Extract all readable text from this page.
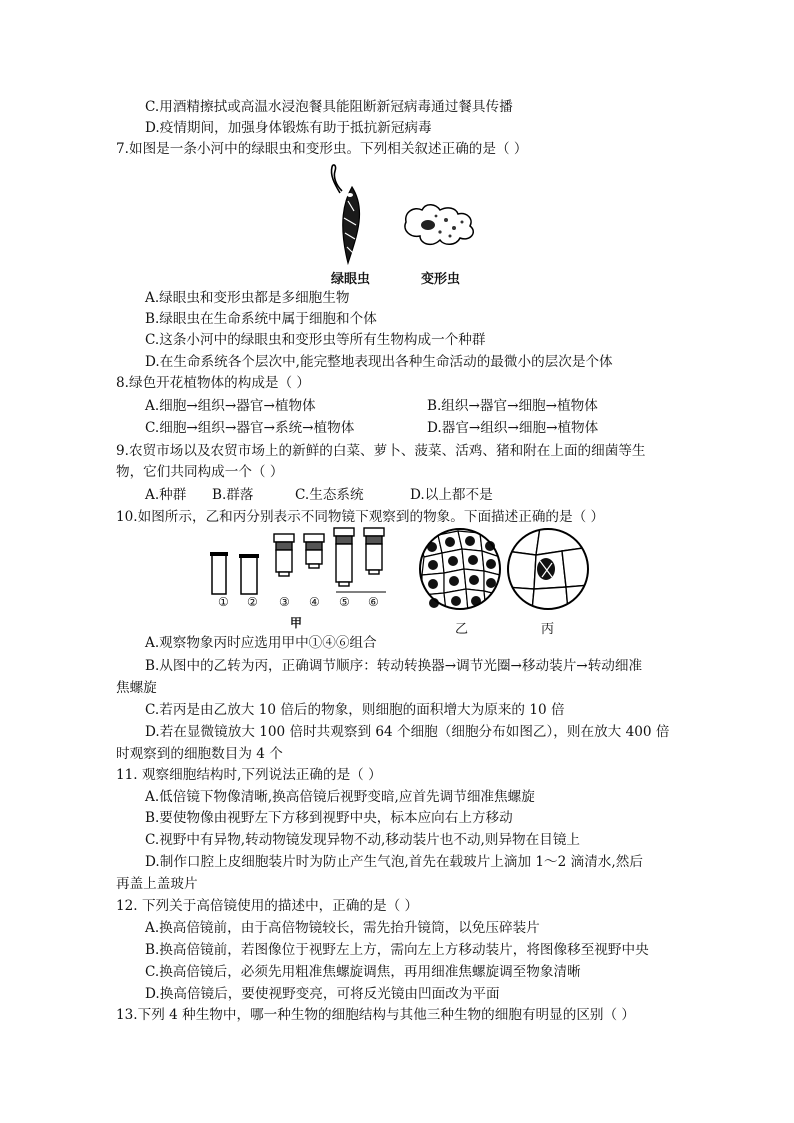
C.用酒精擦拭或高温水浸泡餐具能阻断新冠病毒通过餐具传播
D.疫情期间，加强身体锻炼有助于抵抗新冠病毒
7.如图是一条小河中的绿眼虫和变形虫。下列相关叙述正确的是（ ）
绿眼虫	变形虫
A.绿眼虫和变形虫都是多细胞生物
B.绿眼虫在生命系统中属于细胞和个体
C.这条小河中的绿眼虫和变形虫等所有生物构成一个种群
D.在生命系统各个层次中,能完整地表现出各种生命活动的最微小的层次是个体
8.绿色开花植物体的构成是（ ）
A.细胞→组织→器官→植物体	B.组织→器官→细胞→植物体
C.细胞→组织→器官→系统→植物体	D.器官→组织→细胞→植物体
9.农贸市场以及农贸市场上的新鲜的白菜、萝卜、菠菜、活鸡、猪和附在上面的细菌等生
物，它们共同构成一个（ ）
A.种群 B.群落	C.生态系统	D.以上都不是
10.如图所示，乙和丙分别表示不同物镜下观察到的物象。下面描述正确的是（ ）
① ② ③ ④ ⑤ ⑥
甲	乙	丙
A.观察物象丙时应选用甲中①④⑥组合
B.从图中的乙转为丙，正确调节顺序：转动转换器→调节光圈→移动装片→转动细准
焦螺旋
C.若丙是由乙放大 10 倍后的物象，则细胞的面积增大为原来的 10 倍
D.若在显微镜放大 100 倍时共观察到 64 个细胞（细胞分布如图乙），则在放大 400 倍
时观察到的细胞数目为 4 个
11. 观察细胞结构时,下列说法正确的是（ ）
A.低倍镜下物像清晰,换高倍镜后视野变暗,应首先调节细准焦螺旋
B.要使物像由视野左下方移到视野中央，标本应向右上方移动
C.视野中有异物,转动物镜发现异物不动,移动装片也不动,则异物在目镜上
D.制作口腔上皮细胞装片时为防止产生气泡,首先在载玻片上滴加 1～2 滴清水,然后
再盖上盖玻片
12. 下列关于高倍镜使用的描述中，正确的是（ ）
A.换高倍镜前，由于高倍物镜较长，需先抬升镜筒，以免压碎装片
B.换高倍镜前，若图像位于视野左上方，需向左上方移动装片，将图像移至视野中央
C.换高倍镜后，必须先用粗准焦螺旋调焦，再用细准焦螺旋调至物象清晰
D.换高倍镜后，要使视野变亮，可将反光镜由凹面改为平面
13.下列 4 种生物中，哪一种生物的细胞结构与其他三种生物的细胞有明显的区别（ ）
